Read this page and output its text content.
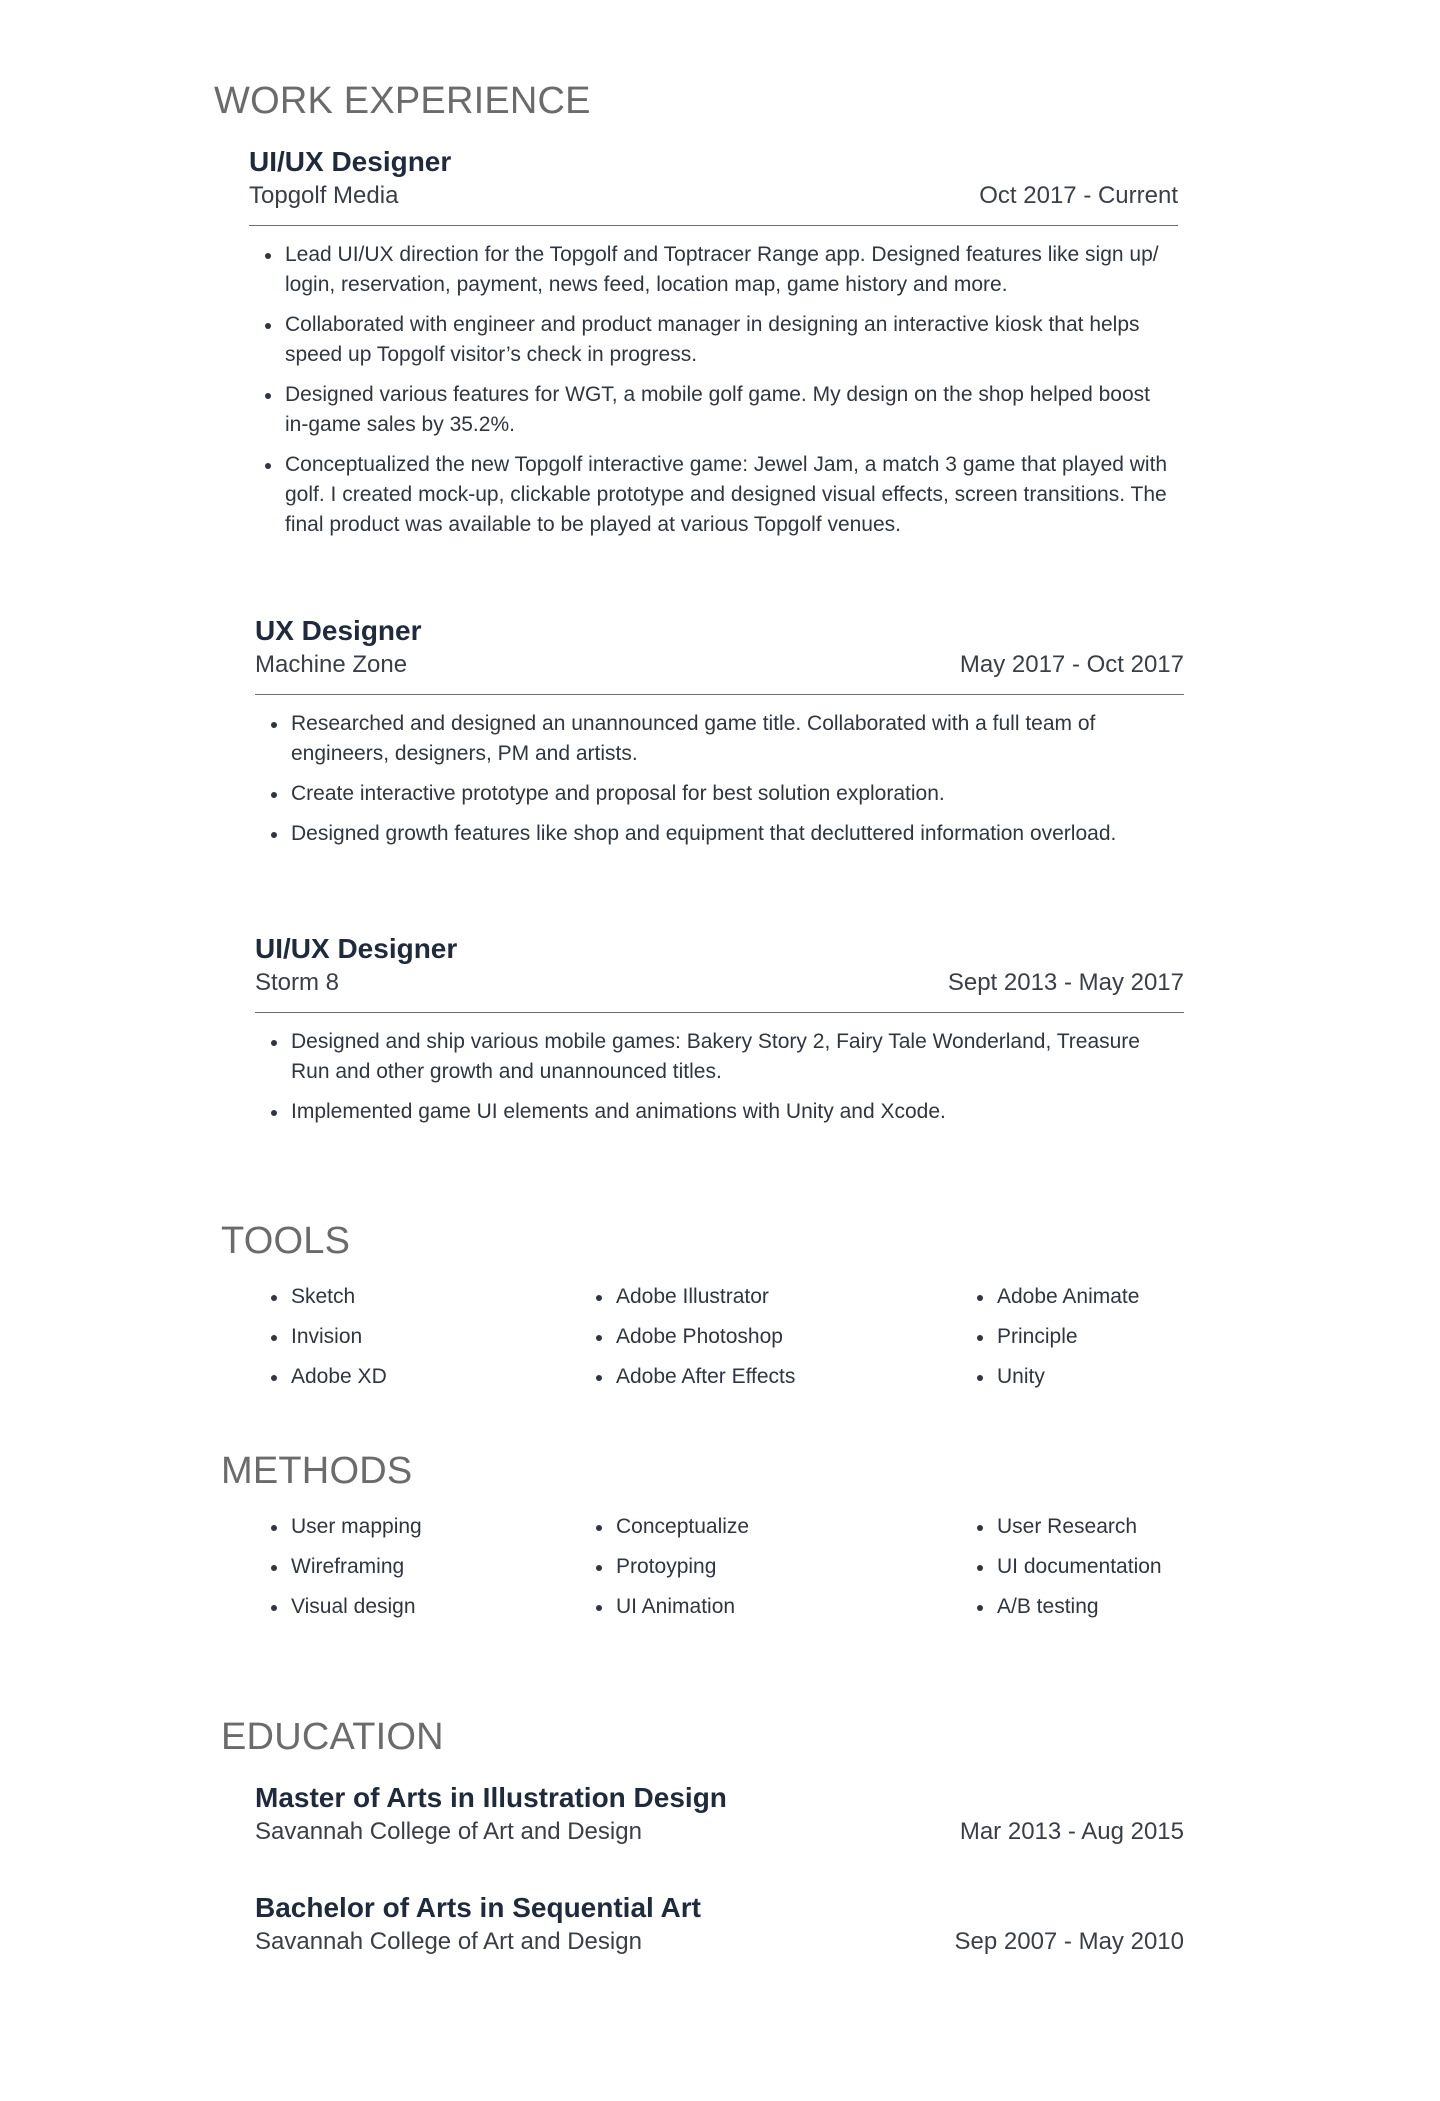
WORK EXPERIENCE
UI/UX Designer
Topgolf Media	Oct 2017 - Current
Lead UI/UX direction for the Topgolf and Toptracer Range app. Designed features like sign up/ login, reservation, payment, news feed, location map, game history and more.
Collaborated with engineer and product manager in designing an interactive kiosk that helps speed up Topgolf visitor’s check in progress.
Designed various features for WGT, a mobile golf game. My design on the shop helped boost in-game sales by 35.2%.
Conceptualized the new Topgolf interactive game: Jewel Jam, a match 3 game that played with golf. I created mock-up, clickable prototype and designed visual effects, screen transitions. The final product was available to be played at various Topgolf venues.
UX Designer
Machine Zone	May 2017 - Oct 2017
Researched and designed an unannounced game title. Collaborated with a full team of engineers, designers, PM and artists.
Create interactive prototype and proposal for best solution exploration.
Designed growth features like shop and equipment that decluttered information overload.
UI/UX Designer
Storm 8	Sept 2013 - May 2017
Designed and ship various mobile games: Bakery Story 2, Fairy Tale Wonderland, Treasure Run and other growth and unannounced titles.
Implemented game UI elements and animations with Unity and Xcode.
TOOLS
Sketch
Invision
Adobe XD
Adobe Illustrator
Adobe Photoshop
Adobe After Effects
Adobe Animate
Principle
Unity
METHODS
User mapping
Wireframing
Visual design
Conceptualize
Protoyping
UI Animation
User Research
UI documentation
A/B testing
EDUCATION
Master of Arts in Illustration Design
Savannah College of Art and Design	Mar 2013 - Aug 2015
Bachelor of Arts in Sequential Art
Savannah College of Art and Design	Sep 2007 - May 2010
